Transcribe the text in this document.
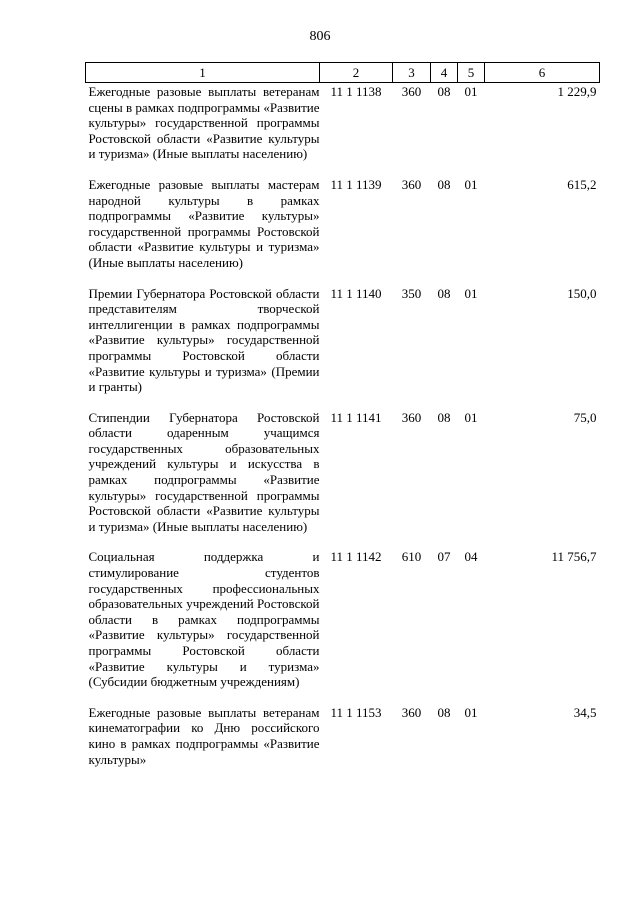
806
1	2	3	4	5	6
Ежегодные разовые выплаты ветеранам сцены в рамках подпрограммы «Развитие культуры» государственной программы Ростовской области «Развитие культуры и туризма» (Иные выплаты населению)	11 1 1138	360	08	01	1 229,9
Ежегодные разовые выплаты мастерам народной культуры в рамках подпрограммы «Развитие культуры» государственной программы Ростовской области «Развитие культуры и туризма» (Иные выплаты населению)	11 1 1139	360	08	01	615,2
Премии Губернатора Ростовской области представителям творческой интеллигенции в рамках подпрограммы «Развитие культуры» государственной программы Ростовской области «Развитие культуры и туризма» (Премии и гранты)	11 1 1140	350	08	01	150,0
Стипендии Губернатора Ростовской области одаренным учащимся государственных образовательных учреждений культуры и искусства в рамках подпрограммы «Развитие культуры» государственной программы Ростовской области «Развитие культуры и туризма» (Иные выплаты населению)	11 1 1141	360	08	01	75,0
Социальная поддержка и стимулирование студентов государственных профессиональных образовательных учреждений Ростовской области в рамках подпрограммы «Развитие культуры» государственной программы Ростовской области «Развитие культуры и туризма» (Субсидии бюджетным учреждениям)	11 1 1142	610	07	04	11 756,7
Ежегодные разовые выплаты ветеранам кинематографии ко Дню российского кино в рамках подпрограммы «Развитие культуры»	11 1 1153	360	08	01	34,5
